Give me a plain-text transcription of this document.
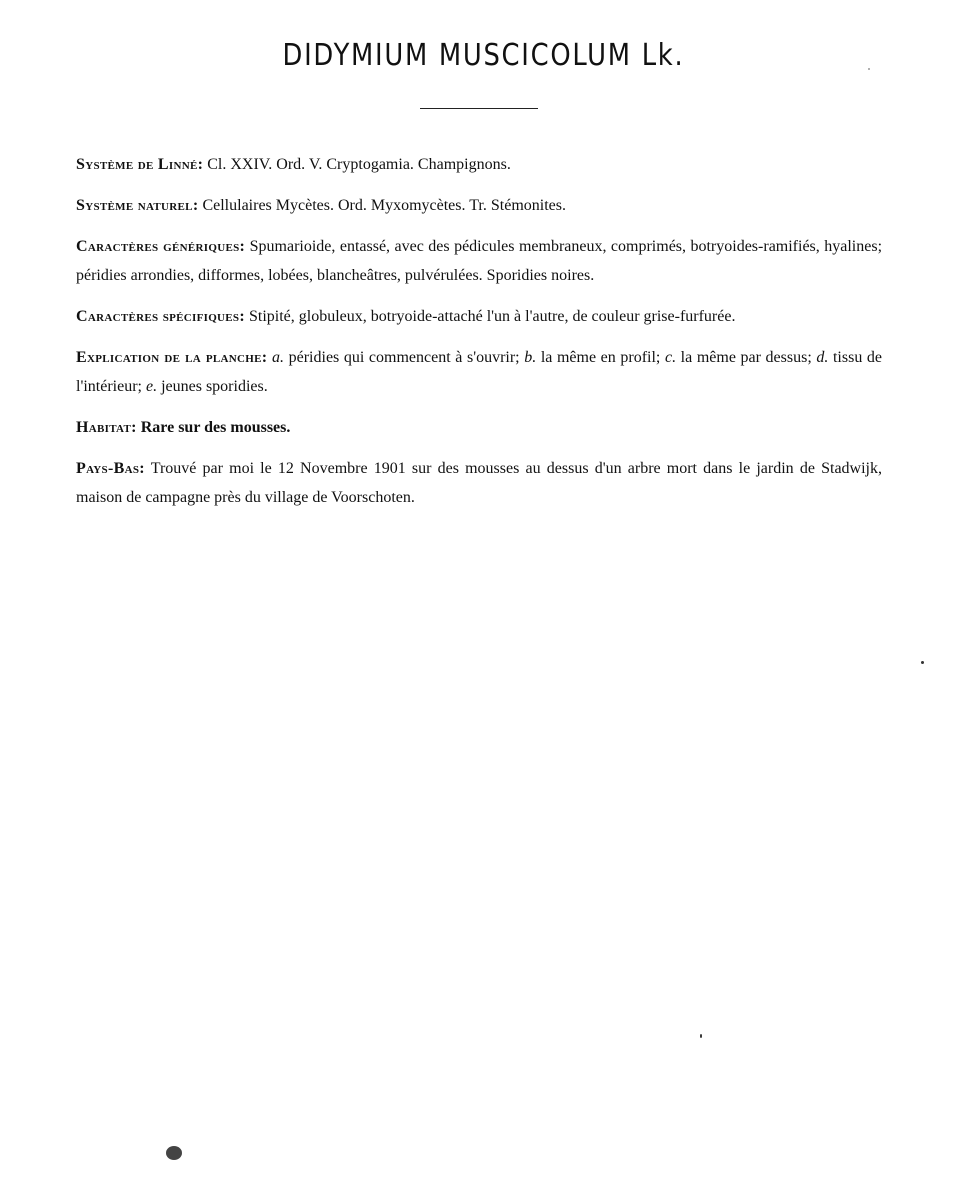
DIDYMIUM MUSCICOLUM Lk.

Système de Linné: Cl. XXIV. Ord. V. Cryptogamia. Champignons.

Système naturel: Cellulaires Mycètes. Ord. Myxomycètes. Tr. Stémonites.

Caractères génériques: Spumarioide, entassé, avec des pédicules membraneux, comprimés, botryoides-ramifiés, hyalines; péridies arrondies, difformes, lobées, blancheâtres, pulvérulées. Sporidies noires.

Caractères spécifiques: Stipité, globuleux, botryoide-attaché l'un à l'autre, de couleur grise-furfurée.

Explication de la planche: a. péridies qui commencent à s'ouvrir; b. la même en profil; c. la même par dessus; d. tissu de l'intérieur; e. jeunes sporidies.

Habitat: Rare sur des mousses.

Pays-Bas: Trouvé par moi le 12 Novembre 1901 sur des mousses au dessus d'un arbre mort dans le jardin de Stadwijk, maison de campagne près du village de Voorschoten.
